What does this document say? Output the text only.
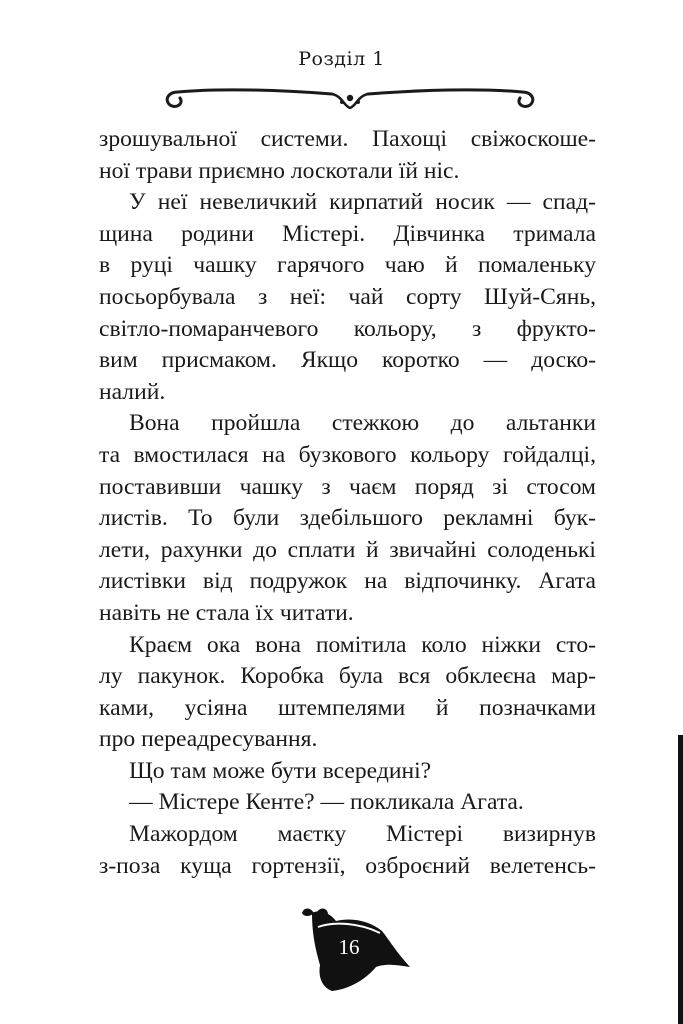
Розділ 1
зрошувальної системи. Пахощі свіжоскоше-
ної трави приємно лоскотали їй ніс.
У неї невеличкий кирпатий носик — спад-
щина родини Містері. Дівчинка тримала
в руці чашку гарячого чаю й помаленьку
посьорбувала з неї: чай сорту Шуй-Сянь,
світло-помаранчевого кольору, з фрукто-
вим присмаком. Якщо коротко — доско-
налий.
Вона пройшла стежкою до альтанки
та вмостилася на бузкового кольору гойдалці,
поставивши чашку з чаєм поряд зі стосом
листів. То були здебільшого рекламні бук-
лети, рахунки до сплати й звичайні солоденькі
листівки від подружок на відпочинку. Агата
навіть не стала їх читати.
Краєм ока вона помітила коло ніжки сто-
лу пакунок. Коробка була вся обклеєна мар-
ками, усіяна штемпелями й позначками
про переадресування.
Що там може бути всередині?
— Містере Кенте? — покликала Агата.
Мажордом маєтку Містері визирнув
з-поза куща гортензії, озброєний велетенсь-
16
